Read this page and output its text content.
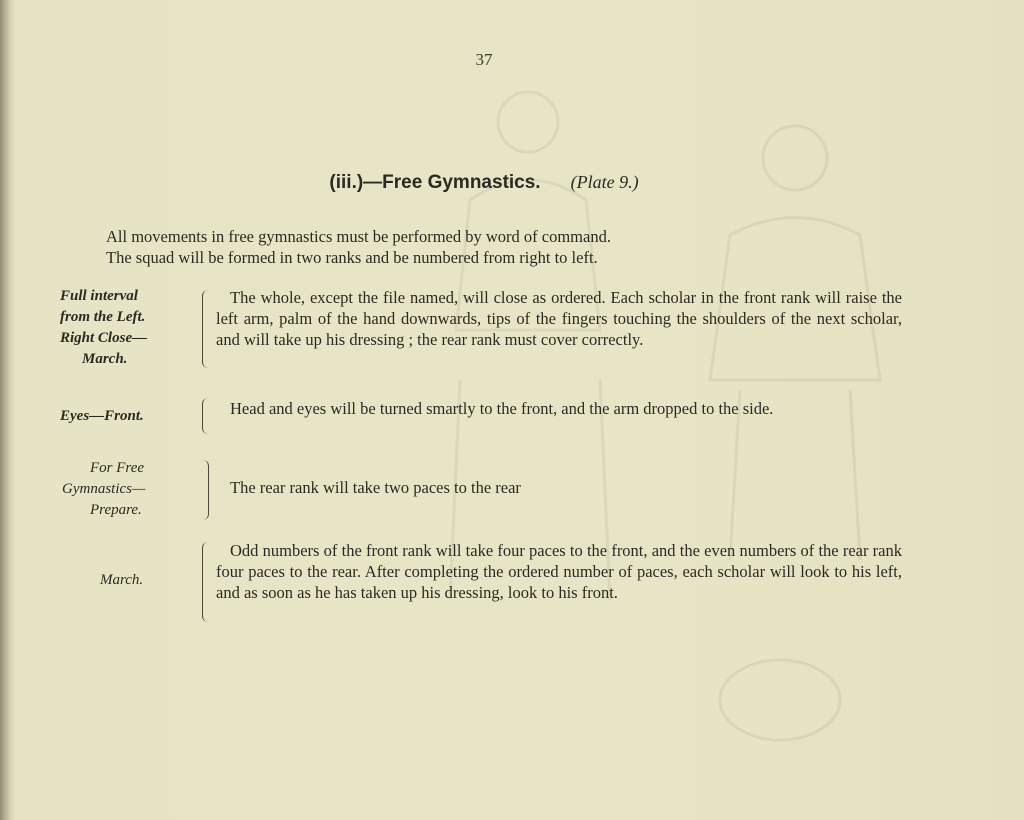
37
(iii.)—Free Gymnastics. (Plate 9.)

All movements in free gymnastics must be performed by word of command.

The squad will be formed in two ranks and be numbered from right to left.

Full interval
from the Left.
Right Close—
March.

The whole, except the file named, will close as ordered. Each scholar in the front rank will raise the left arm, palm of the hand downwards, tips of the fingers touching the shoulders of the next scholar, and will take up his dressing ; the rear rank must cover correctly.

Eyes—Front.	Head and eyes will be turned smartly to the front, and the arm dropped to the side.

For Free
Gymnastics—
Prepare.

The rear rank will take two paces to the rear

March.

Odd numbers of the front rank will take four paces to the front, and the even numbers of the rear rank four paces to the rear. After completing the ordered number of paces, each scholar will look to his left, and as soon as he has taken up his dressing, look to his front.
